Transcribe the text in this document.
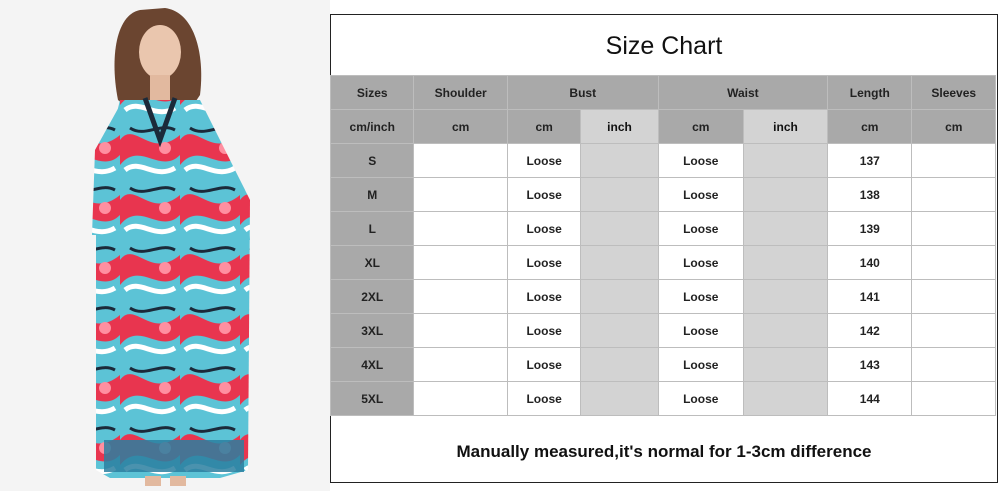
Size Chart
Sizes	Shoulder	Bust		Waist		Length	Sleeves
cm/inch	cm	cm	inch	cm	inch	cm	cm
S		Loose		Loose		137	
M		Loose		Loose		138	
L		Loose		Loose		139	
XL		Loose		Loose		140	
2XL		Loose		Loose		141	
3XL		Loose		Loose		142	
4XL		Loose		Loose		143	
5XL		Loose		Loose		144	
Manually measured,it's normal for 1-3cm difference
